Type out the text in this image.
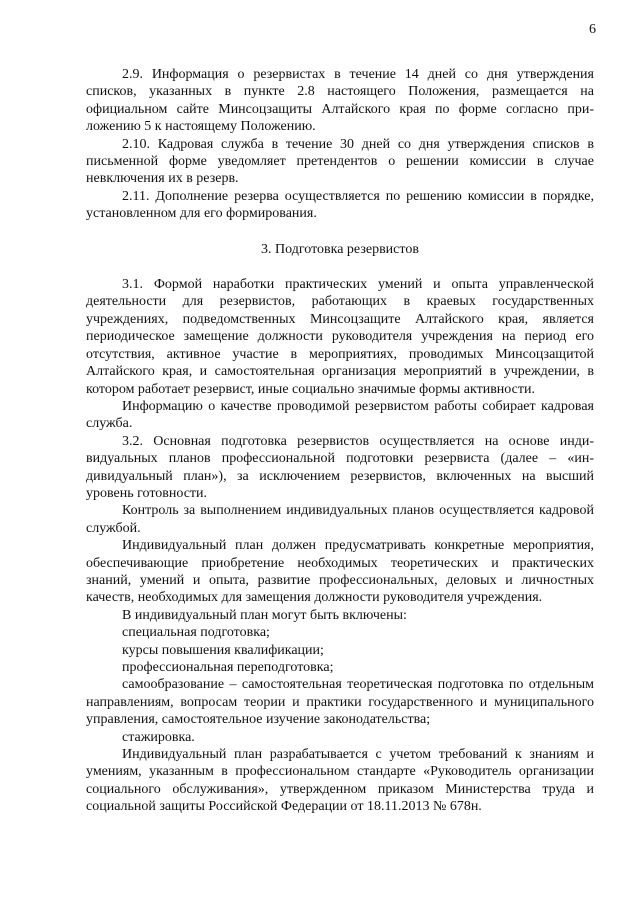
6

2.9. Информация о резервистах в течение 14 дней со дня утверждения списков, указанных в пункте 2.8 настоящего Положения, размещается на официальном сайте Минсоцзащиты Алтайского края по форме согласно приложению 5 к настоящему Положению.

2.10. Кадровая служба в течение 30 дней со дня утверждения списков в письменной форме уведомляет претендентов о решении комиссии в случае невключения их в резерв.

2.11. Дополнение резерва осуществляется по решению комиссии в порядке, установленном для его формирования.

3. Подготовка резервистов

3.1. Формой наработки практических умений и опыта управленческой деятельности для резервистов, работающих в краевых государственных учреждениях, подведомственных Минсоцзащите Алтайского края, является периодическое замещение должности руководителя учреждения на период его отсутствия, активное участие в мероприятиях, проводимых Минсоцзащитой Алтайского края, и самостоятельная организация мероприятий в учреждении, в котором работает резервист, иные социально значимые формы активности.

Информацию о качестве проводимой резервистом работы собирает кадровая служба.

3.2. Основная подготовка резервистов осуществляется на основе индивидуальных планов профессиональной подготовки резервиста (далее – «индивидуальный план»), за исключением резервистов, включенных на высший уровень готовности.

Контроль за выполнением индивидуальных планов осуществляется кадровой службой.

Индивидуальный план должен предусматривать конкретные мероприятия, обеспечивающие приобретение необходимых теоретических и практических знаний, умений и опыта, развитие профессиональных, деловых и личностных качеств, необходимых для замещения должности руководителя учреждения.

В индивидуальный план могут быть включены:

специальная подготовка;

курсы повышения квалификации;

профессиональная переподготовка;

самообразование – самостоятельная теоретическая подготовка по отдельным направлениям, вопросам теории и практики государственного и муниципального управления, самостоятельное изучение законодательства;

стажировка.

Индивидуальный план разрабатывается с учетом требований к знаниям и умениям, указанным в профессиональном стандарте «Руководитель организации социального обслуживания», утвержденном приказом Министерства труда и социальной защиты Российской Федерации от 18.11.2013 № 678н.
